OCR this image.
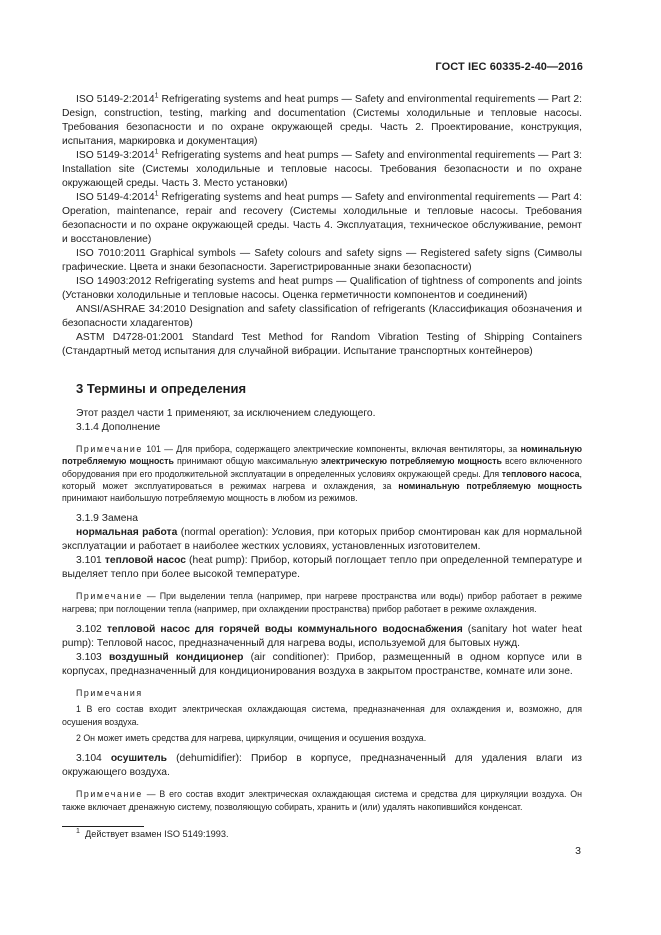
ГОСТ IEC 60335-2-40—2016

ISO 5149-2:2014$^1$ Refrigerating systems and heat pumps — Safety and environmental requirements — Part 2: Design, construction, testing, marking and documentation (Системы холодильные и тепловые насосы. Требования безопасности и по охране окружающей среды. Часть 2. Проектирование, конструкция, испытания, маркировка и документация)

ISO 5149-3:2014$^1$ Refrigerating systems and heat pumps — Safety and environmental requirements — Part 3: Installation site (Системы холодильные и тепловые насосы. Требования безопасности и по охране окружающей среды. Часть 3. Место установки)

ISO 5149-4:2014$^1$ Refrigerating systems and heat pumps — Safety and environmental requirements — Part 4: Operation, maintenance, repair and recovery (Системы холодильные и тепловые насосы. Требования безопасности и по охране окружающей среды. Часть 4. Эксплуатация, техническое обслуживание, ремонт и восстановление)

ISO 7010:2011 Graphical symbols — Safety colours and safety signs — Registered safety signs (Символы графические. Цвета и знаки безопасности. Зарегистрированные знаки безопасности)

ISO 14903:2012 Refrigerating systems and heat pumps — Qualification of tightness of components and joints (Установки холодильные и тепловые насосы. Оценка герметичности компонентов и соединений)

ANSI/ASHRAE 34:2010 Designation and safety classification of refrigerants (Классификация обозначения и безопасности хладагентов)

ASTM D4728-01:2001 Standard Test Method for Random Vibration Testing of Shipping Containers (Стандартный метод испытания для случайной вибрации. Испытание транспортных контейнеров)

3 Термины и определения

Этот раздел части 1 применяют, за исключением следующего.

3.1.4 Дополнение

Примечание 101 — Для прибора, содержащего электрические компоненты, включая вентиляторы, за номинальную потребляемую мощность принимают общую максимальную электрическую потребляемую мощность всего включенного оборудования при его продолжительной эксплуатации в определенных условиях окружающей среды. Для теплового насоса, который может эксплуатироваться в режимах нагрева и охлаждения, за номинальную потребляемую мощность принимают наибольшую потребляемую мощность в любом из режимов.

3.1.9 Замена

нормальная работа (normal operation): Условия, при которых прибор смонтирован как для нормальной эксплуатации и работает в наиболее жестких условиях, установленных изготовителем.

3.101 тепловой насос (heat pump): Прибор, который поглощает тепло при определенной температуре и выделяет тепло при более высокой температуре.

Примечание — При выделении тепла (например, при нагреве пространства или воды) прибор работает в режиме нагрева; при поглощении тепла (например, при охлаждении пространства) прибор работает в режиме охлаждения.

3.102 тепловой насос для горячей воды коммунального водоснабжения (sanitary hot water heat pump): Тепловой насос, предназначенный для нагрева воды, используемой для бытовых нужд.

3.103 воздушный кондиционер (air conditioner): Прибор, размещенный в одном корпусе или в корпусах, предназначенный для кондиционирования воздуха в закрытом пространстве, комнате или зоне.

Примечания

1 В его состав входит электрическая охлаждающая система, предназначенная для охлаждения и, возможно, для осушения воздуха.

2 Он может иметь средства для нагрева, циркуляции, очищения и осушения воздуха.

3.104 осушитель (dehumidifier): Прибор в корпусе, предназначенный для удаления влаги из окружающего воздуха.

Примечание — В его состав входит электрическая охлаждающая система и средства для циркуляции воздуха. Он также включает дренажную систему, позволяющую собирать, хранить и (или) удалять накопившийся конденсат.

$^1$ Действует взамен ISO 5149:1993.
3
